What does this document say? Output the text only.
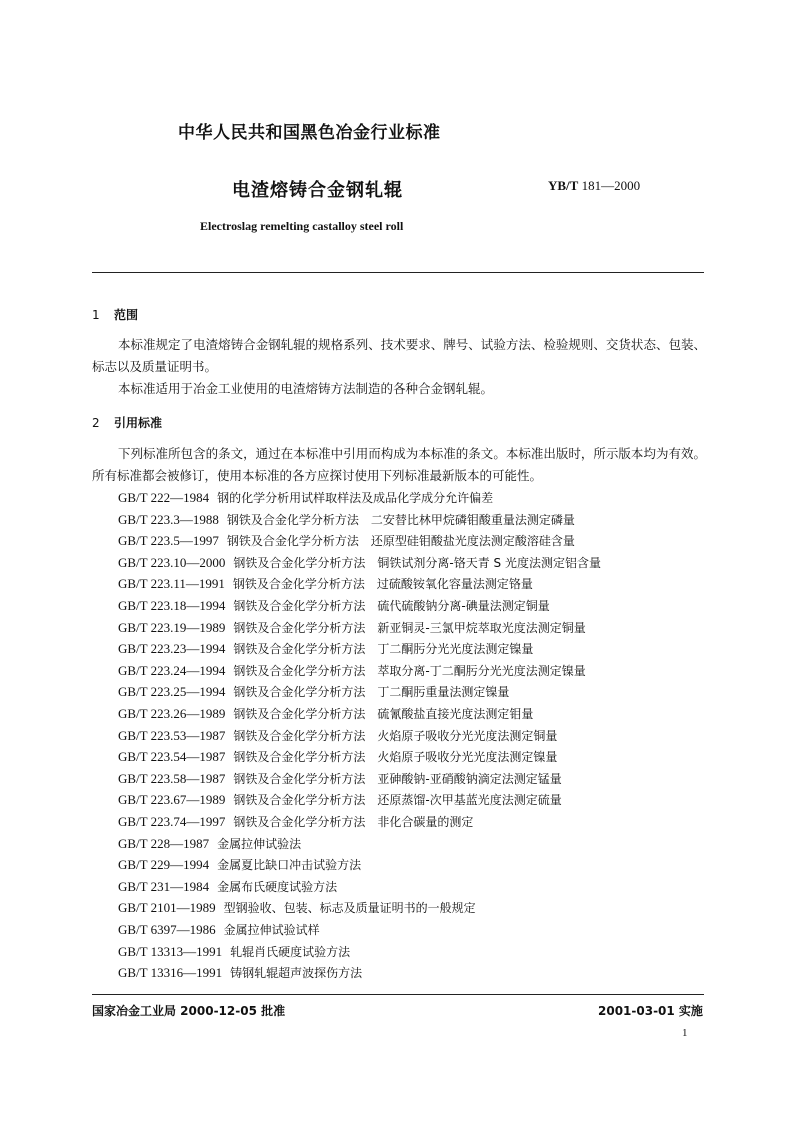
中华人民共和国黑色冶金行业标准
电渣熔铸合金钢轧辊	YB/T 181—2000
Electroslag remelting castalloy steel roll
1 范围
本标准规定了电渣熔铸合金钢轧辊的规格系列、技术要求、牌号、试验方法、检验规则、交货状态、包装、标志以及质量证明书。
本标准适用于冶金工业使用的电渣熔铸方法制造的各种合金钢轧辊。
2 引用标准
下列标准所包含的条文，通过在本标准中引用而构成为本标准的条文。本标准出版时，所示版本均为有效。所有标准都会被修订，使用本标准的各方应探讨使用下列标准最新版本的可能性。
GB/T 222—1984 钢的化学分析用试样取样法及成品化学成分允许偏差
GB/T 223.3—1988 钢铁及合金化学分析方法　二安替比林甲烷磷钼酸重量法测定磷量
GB/T 223.5—1997 钢铁及合金化学分析方法　还原型硅钼酸盐光度法测定酸溶硅含量
GB/T 223.10—2000 钢铁及合金化学分析方法　铜铁试剂分离-铬天青 S 光度法测定铝含量
GB/T 223.11—1991 钢铁及合金化学分析方法　过硫酸铵氧化容量法测定铬量
GB/T 223.18—1994 钢铁及合金化学分析方法　硫代硫酸钠分离-碘量法测定铜量
GB/T 223.19—1989 钢铁及合金化学分析方法　新亚铜灵-三氯甲烷萃取光度法测定铜量
GB/T 223.23—1994 钢铁及合金化学分析方法　丁二酮肟分光光度法测定镍量
GB/T 223.24—1994 钢铁及合金化学分析方法　萃取分离-丁二酮肟分光光度法测定镍量
GB/T 223.25—1994 钢铁及合金化学分析方法　丁二酮肟重量法测定镍量
GB/T 223.26—1989 钢铁及合金化学分析方法　硫氰酸盐直接光度法测定钼量
GB/T 223.53—1987 钢铁及合金化学分析方法　火焰原子吸收分光光度法测定铜量
GB/T 223.54—1987 钢铁及合金化学分析方法　火焰原子吸收分光光度法测定镍量
GB/T 223.58—1987 钢铁及合金化学分析方法　亚砷酸钠-亚硝酸钠滴定法测定锰量
GB/T 223.67—1989 钢铁及合金化学分析方法　还原蒸馏-次甲基蓝光度法测定硫量
GB/T 223.74—1997 钢铁及合金化学分析方法　非化合碳量的测定
GB/T 228—1987 金属拉伸试验法
GB/T 229—1994 金属夏比缺口冲击试验方法
GB/T 231—1984 金属布氏硬度试验方法
GB/T 2101—1989 型钢验收、包装、标志及质量证明书的一般规定
GB/T 6397—1986 金属拉伸试验试样
GB/T 13313—1991 轧辊肖氏硬度试验方法
GB/T 13316—1991 铸钢轧辊超声波探伤方法
国家冶金工业局 2000-12-05 批准	2001-03-01 实施
1
